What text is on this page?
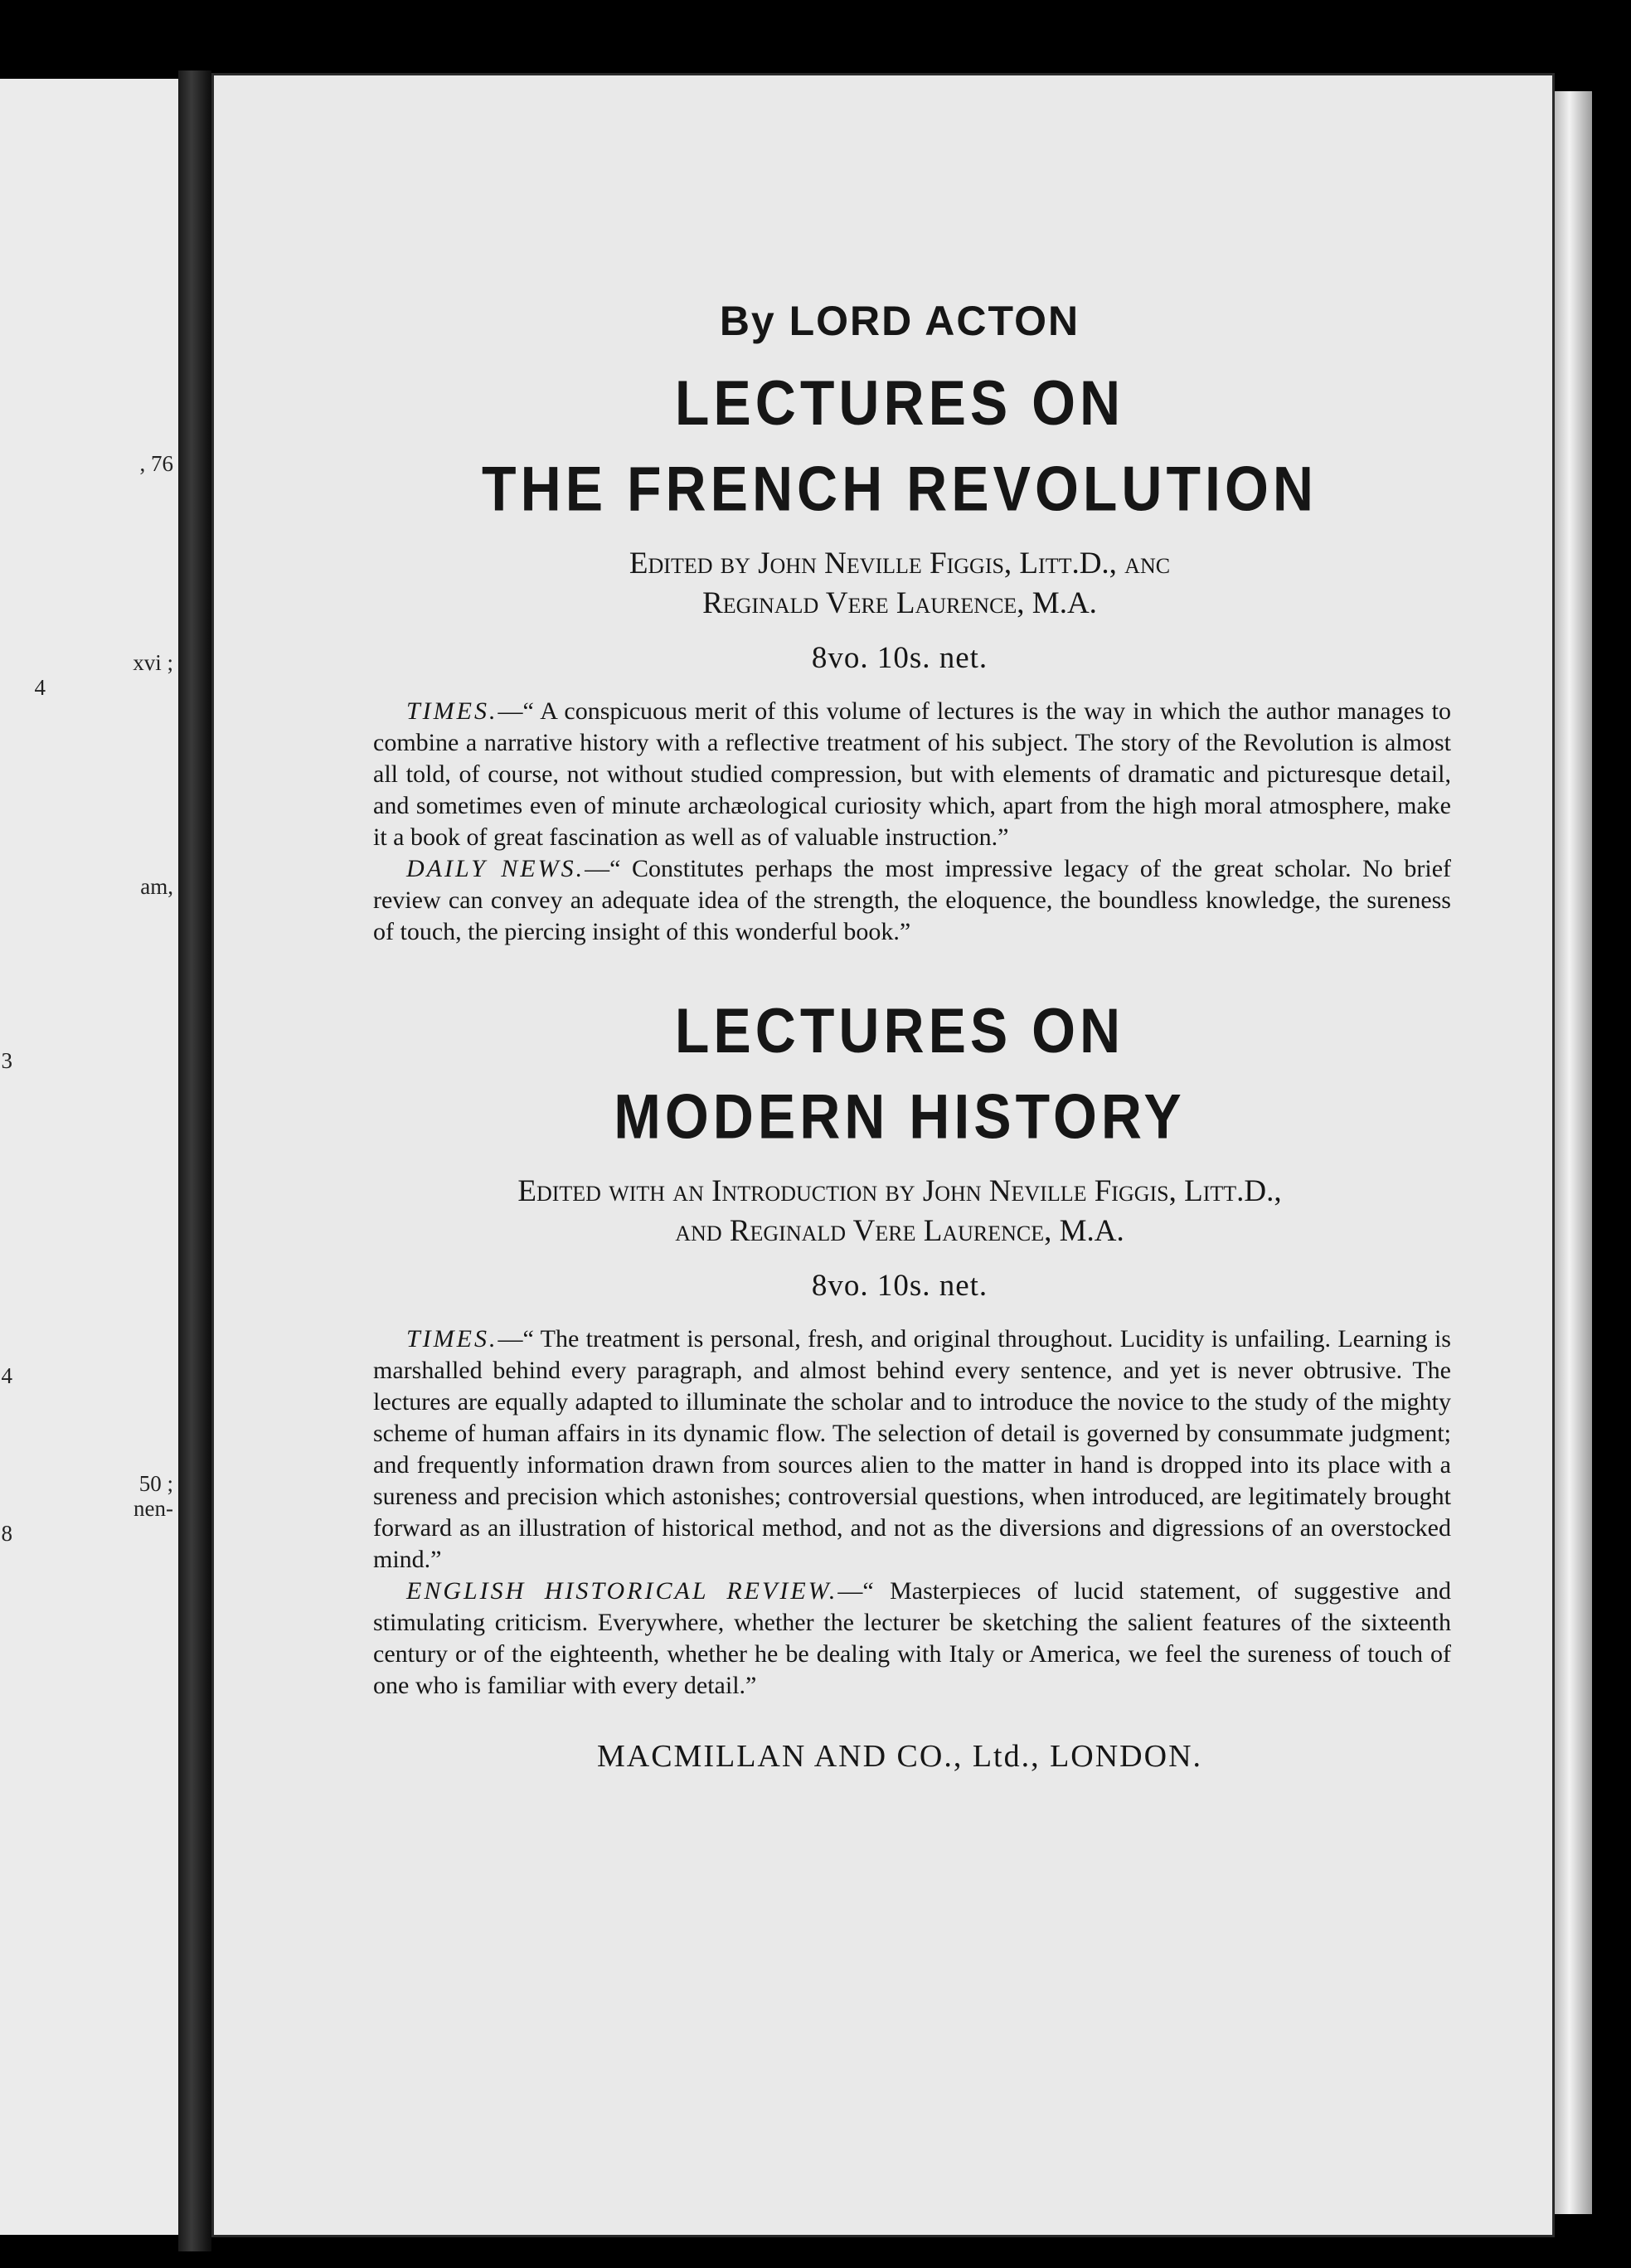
, 76
xvi ;
4
am,
3
4
50 ;
nen-
8
By LORD ACTON
LECTURES ON
THE FRENCH REVOLUTION
Edited by John Neville Figgis, Litt.D., anc
Reginald Vere Laurence, M.A.
8vo. 10s. net.

TIMES.—“ A conspicuous merit of this volume of lectures is the way in which the author manages to combine a narrative history with a reflective treatment of his subject. The story of the Revolution is almost all told, of course, not without studied compression, but with elements of dramatic and picturesque detail, and sometimes even of minute archæological curiosity which, apart from the high moral atmosphere, make it a book of great fascination as well as of valuable instruction.”

DAILY NEWS.—“ Constitutes perhaps the most impressive legacy of the great scholar. No brief review can convey an adequate idea of the strength, the eloquence, the boundless knowledge, the sureness of touch, the piercing insight of this wonderful book.”

LECTURES ON
MODERN HISTORY
Edited with an Introduction by John Neville Figgis, Litt.D.,
and Reginald Vere Laurence, M.A.
8vo. 10s. net.

TIMES.—“ The treatment is personal, fresh, and original throughout. Lucidity is unfailing. Learning is marshalled behind every paragraph, and almost behind every sentence, and yet is never obtrusive. The lectures are equally adapted to illuminate the scholar and to introduce the novice to the study of the mighty scheme of human affairs in its dynamic flow. The selection of detail is governed by consummate judgment; and frequently information drawn from sources alien to the matter in hand is dropped into its place with a sureness and precision which astonishes; controversial questions, when introduced, are legitimately brought forward as an illustration of historical method, and not as the diversions and digressions of an overstocked mind.”

ENGLISH HISTORICAL REVIEW.—“ Masterpieces of lucid statement, of suggestive and stimulating criticism. Everywhere, whether the lecturer be sketching the salient features of the sixteenth century or of the eighteenth, whether he be dealing with Italy or America, we feel the sureness of touch of one who is familiar with every detail.”

MACMILLAN AND CO., Ltd., LONDON.
